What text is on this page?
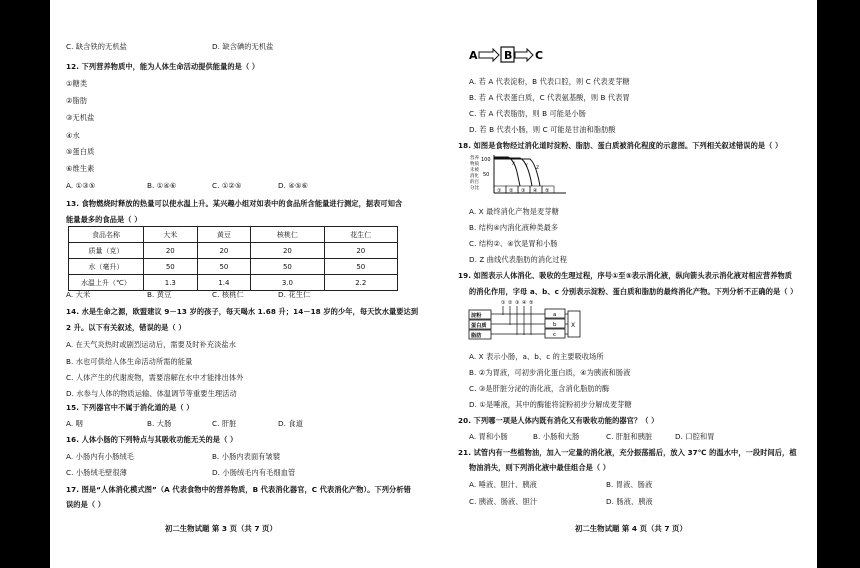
C. 缺含铁的无机盐	D. 缺含碘的无机盐
12. 下列营养物质中，能为人体生命活动提供能量的是（ ）
①糖类
②脂肪
③无机盐
④水
⑤蛋白质
⑥维生素
A. ①③⑤	B. ①④⑥	C. ①②⑤	D. ④⑤⑥
13. 食物燃烧时释放的热量可以使水温上升。某兴趣小组对如表中的食品所含能量进行测定，据表可知含
能量最多的食品是（ ）
食品名称	大米	黄豆	核桃仁	花生仁
质量（克）	20	20	20	20
水（毫升）	50	50	50	50
水温上升（℃）	1.3	1.4	3.0	2.2
A. 大米	B. 黄豆	C. 核桃仁	D. 花生仁
14. 水是生命之源，欧盟建议 9－13 岁的孩子，每天喝水 1.68 升；14－18 岁的少年，每天饮水量要达到
2 升。以下有关叙述，错误的是（ ）
A. 在天气炎热时或剧烈运动后，需要及时补充淡盐水
B. 水也可供给人体生命活动所需的能量
C. 人体产生的代谢废物，需要溶解在水中才能排出体外
D. 水参与人体的物质运输、体温调节等重要生理活动
15. 下列器官中不属于消化道的是（ ）
A. 咽	B. 大肠	C. 肝脏	D. 食道
16. 人体小肠的下列特点与其吸收功能无关的是（ ）
A. 小肠内有小肠绒毛	B. 小肠内表面有皱襞
C. 小肠绒毛壁很薄	D. 小肠绒毛内有毛细血管
17. 图是“人体消化模式图”（A 代表食物中的营养物质，B 代表消化器官，C 代表消化产物）。下列分析错
误的是（ ）
初二生物试题 第 3 页（共 7 页）
A B C
A. 若 A 代表淀粉，B 代表口腔，则 C 代表麦芽糖
B. 若 A 代表蛋白质，C 代表氨基酸，则 B 代表胃
C. 若 A 代表脂肪，则 B 可能是小肠
D. 若 B 代表小肠，则 C 可能是甘油和脂肪酸
18. 如图是食物经过消化道时淀粉、脂肪、蛋白质被消化程度的示意图。下列相关叙述错误的是（ ）
营养
物质
未被
消化
的百
分比
100
50
① ② ③ ④ ⑤
X Y Z
A. X 最终消化产物是麦芽糖
B. 结构④内消化液种类最多
C. 结构②、④饮是胃和小肠
D. Z 曲线代表脂肪的消化过程
19. 如图表示人体消化、吸收的生理过程，序号①至⑤表示消化液，纵向箭头表示消化液对相应营养物质
的消化作用，字母 a、b、c 分别表示淀粉、蛋白质和脂肪的最终消化产物。下列分析不正确的是（ ）
① ② ③ ④ ⑤
淀粉
蛋白质
脂肪
a
b
c
X
A. X 表示小肠，a、b、c 的主要吸收场所
B. ②为胃液，可初步消化蛋白质，④为胰液和肠液
C. ③是肝脏分泌的消化液，含消化脂肪的酶
D. ①是唾液，其中的酶能将淀粉初步分解成麦芽糖
20. 下列哪一项是人体内既有消化又有吸收功能的器官？（ ）
A. 胃和小肠	B. 小肠和大肠	C. 肝脏和胰脏	D. 口腔和胃
21. 试管内有一些植物油，加入一定量的消化液，充分振荡摇后，放入 37℃ 的温水中，一段时间后，植
物油消失，则下列消化液中最佳组合是（ ）
A. 唾液、胆汁、胰液	B. 胃液、肠液
C. 胰液、肠液、胆汁	D. 肠液、胰液
初二生物试题 第 4 页（共 7 页）
